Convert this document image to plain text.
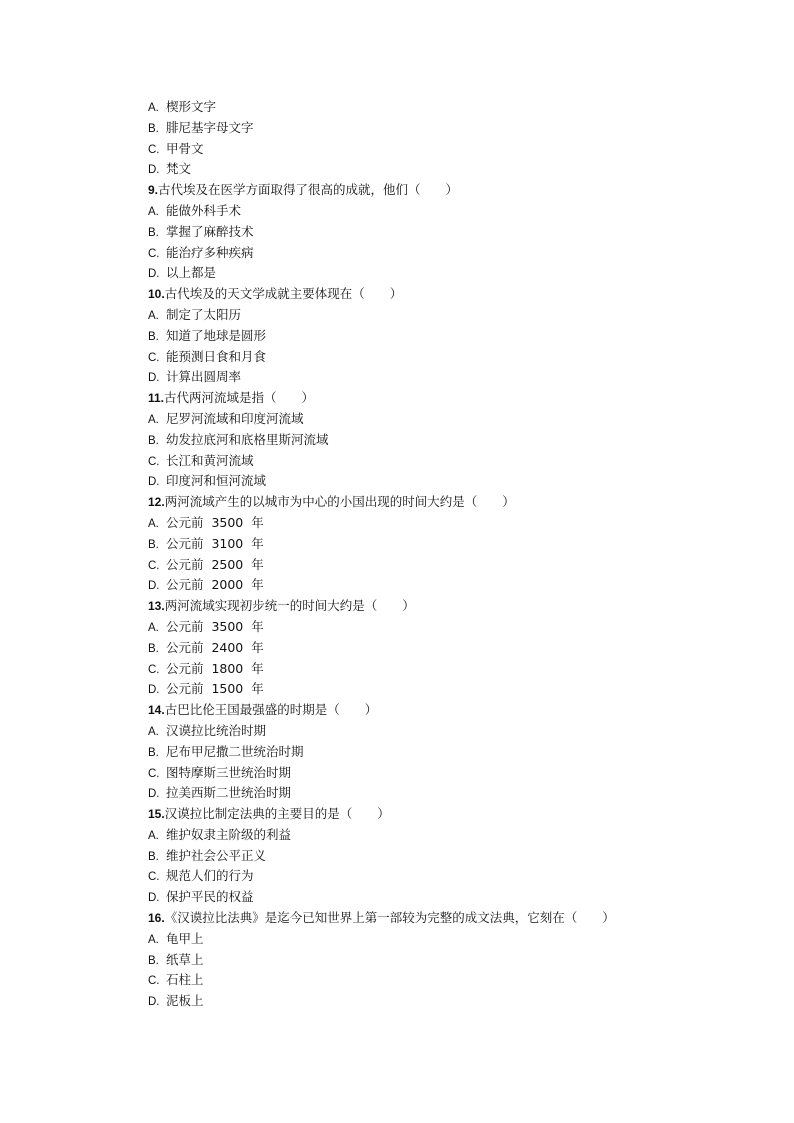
A. 楔形文字
B. 腓尼基字母文字
C. 甲骨文
D. 梵文
9.古代埃及在医学方面取得了很高的成就，他们（　　）
A. 能做外科手术
B. 掌握了麻醉技术
C. 能治疗多种疾病
D. 以上都是
10.古代埃及的天文学成就主要体现在（　　）
A. 制定了太阳历
B. 知道了地球是圆形
C. 能预测日食和月食
D. 计算出圆周率
11.古代两河流域是指（　　）
A. 尼罗河流域和印度河流域
B. 幼发拉底河和底格里斯河流域
C. 长江和黄河流域
D. 印度河和恒河流域
12.两河流域产生的以城市为中心的小国出现的时间大约是（　　）
A. 公元前  3500  年
B. 公元前  3100  年
C. 公元前  2500  年
D. 公元前  2000  年
13.两河流域实现初步统一的时间大约是（　　）
A. 公元前  3500  年
B. 公元前  2400  年
C. 公元前  1800  年
D. 公元前  1500  年
14.古巴比伦王国最强盛的时期是（　　）
A. 汉谟拉比统治时期
B. 尼布甲尼撒二世统治时期
C. 图特摩斯三世统治时期
D. 拉美西斯二世统治时期
15.汉谟拉比制定法典的主要目的是（　　）
A. 维护奴隶主阶级的利益
B. 维护社会公平正义
C. 规范人们的行为
D. 保护平民的权益
16.《汉谟拉比法典》是迄今已知世界上第一部较为完整的成文法典，它刻在（　　）
A. 龟甲上
B. 纸草上
C. 石柱上
D. 泥板上
